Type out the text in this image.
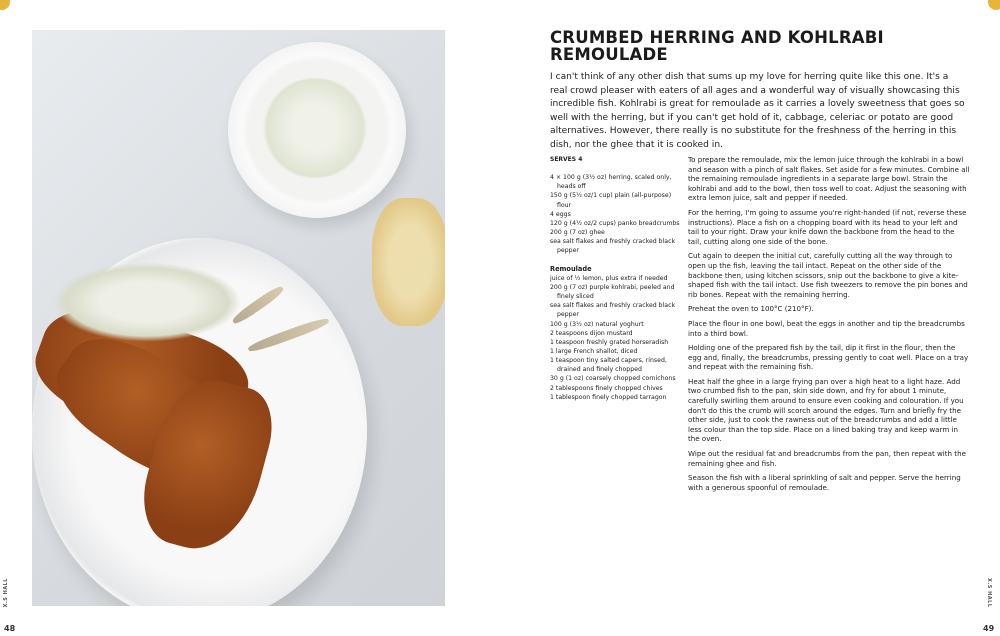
X.S HALL
48
X.S HALL
49
CRUMBED HERRING AND KOHLRABI REMOULADE

I can't think of any other dish that sums up my love for herring quite like this one. It's a real crowd pleaser with eaters of all ages and a wonderful way of visually showcasing this incredible fish. Kohlrabi is great for remoulade as it carries a lovely sweetness that goes so well with the herring, but if you can't get hold of it, cabbage, celeriac or potato are good alternatives. However, there really is no substitute for the freshness of the herring in this dish, nor the ghee that it is cooked in.

SERVES 4
4 × 100 g (3½ oz) herring, scaled only, heads off
150 g (5½ oz/1 cup) plain (all-purpose) flour
4 eggs
120 g (4½ oz/2 cups) panko breadcrumbs
200 g (7 oz) ghee
sea salt flakes and freshly cracked black pepper
Remoulade
juice of ½ lemon, plus extra if needed
200 g (7 oz) purple kohlrabi, peeled and finely sliced
sea salt flakes and freshly cracked black pepper
100 g (3½ oz) natural yoghurt
2 teaspoons dijon mustard
1 teaspoon freshly grated horseradish
1 large French shallot, diced
1 teaspoon tiny salted capers, rinsed, drained and finely chopped
30 g (1 oz) coarsely chopped cornichons
2 tablespoons finely chopped chives
1 tablespoon finely chopped tarragon

To prepare the remoulade, mix the lemon juice through the kohlrabi in a bowl and season with a pinch of salt flakes. Set aside for a few minutes. Combine all the remaining remoulade ingredients in a separate large bowl. Strain the kohlrabi and add to the bowl, then toss well to coat. Adjust the seasoning with extra lemon juice, salt and pepper if needed.

For the herring, I'm going to assume you're right-handed (if not, reverse these instructions). Place a fish on a chopping board with its head to your left and tail to your right. Draw your knife down the backbone from the head to the tail, cutting along one side of the bone.

Cut again to deepen the initial cut, carefully cutting all the way through to open up the fish, leaving the tail intact. Repeat on the other side of the backbone then, using kitchen scissors, snip out the backbone to give a kite-shaped fish with the tail intact. Use fish tweezers to remove the pin bones and rib bones. Repeat with the remaining herring.

Preheat the oven to 100°C (210°F).

Place the flour in one bowl, beat the eggs in another and tip the breadcrumbs into a third bowl.

Holding one of the prepared fish by the tail, dip it first in the flour, then the egg and, finally, the breadcrumbs, pressing gently to coat well. Place on a tray and repeat with the remaining fish.

Heat half the ghee in a large frying pan over a high heat to a light haze. Add two crumbed fish to the pan, skin side down, and fry for about 1 minute, carefully swirling them around to ensure even cooking and colouration. If you don't do this the crumb will scorch around the edges. Turn and briefly fry the other side, just to cook the rawness out of the breadcrumbs and add a little less colour than the top side. Place on a lined baking tray and keep warm in the oven.

Wipe out the residual fat and breadcrumbs from the pan, then repeat with the remaining ghee and fish.

Season the fish with a liberal sprinkling of salt and pepper. Serve the herring with a generous spoonful of remoulade.
